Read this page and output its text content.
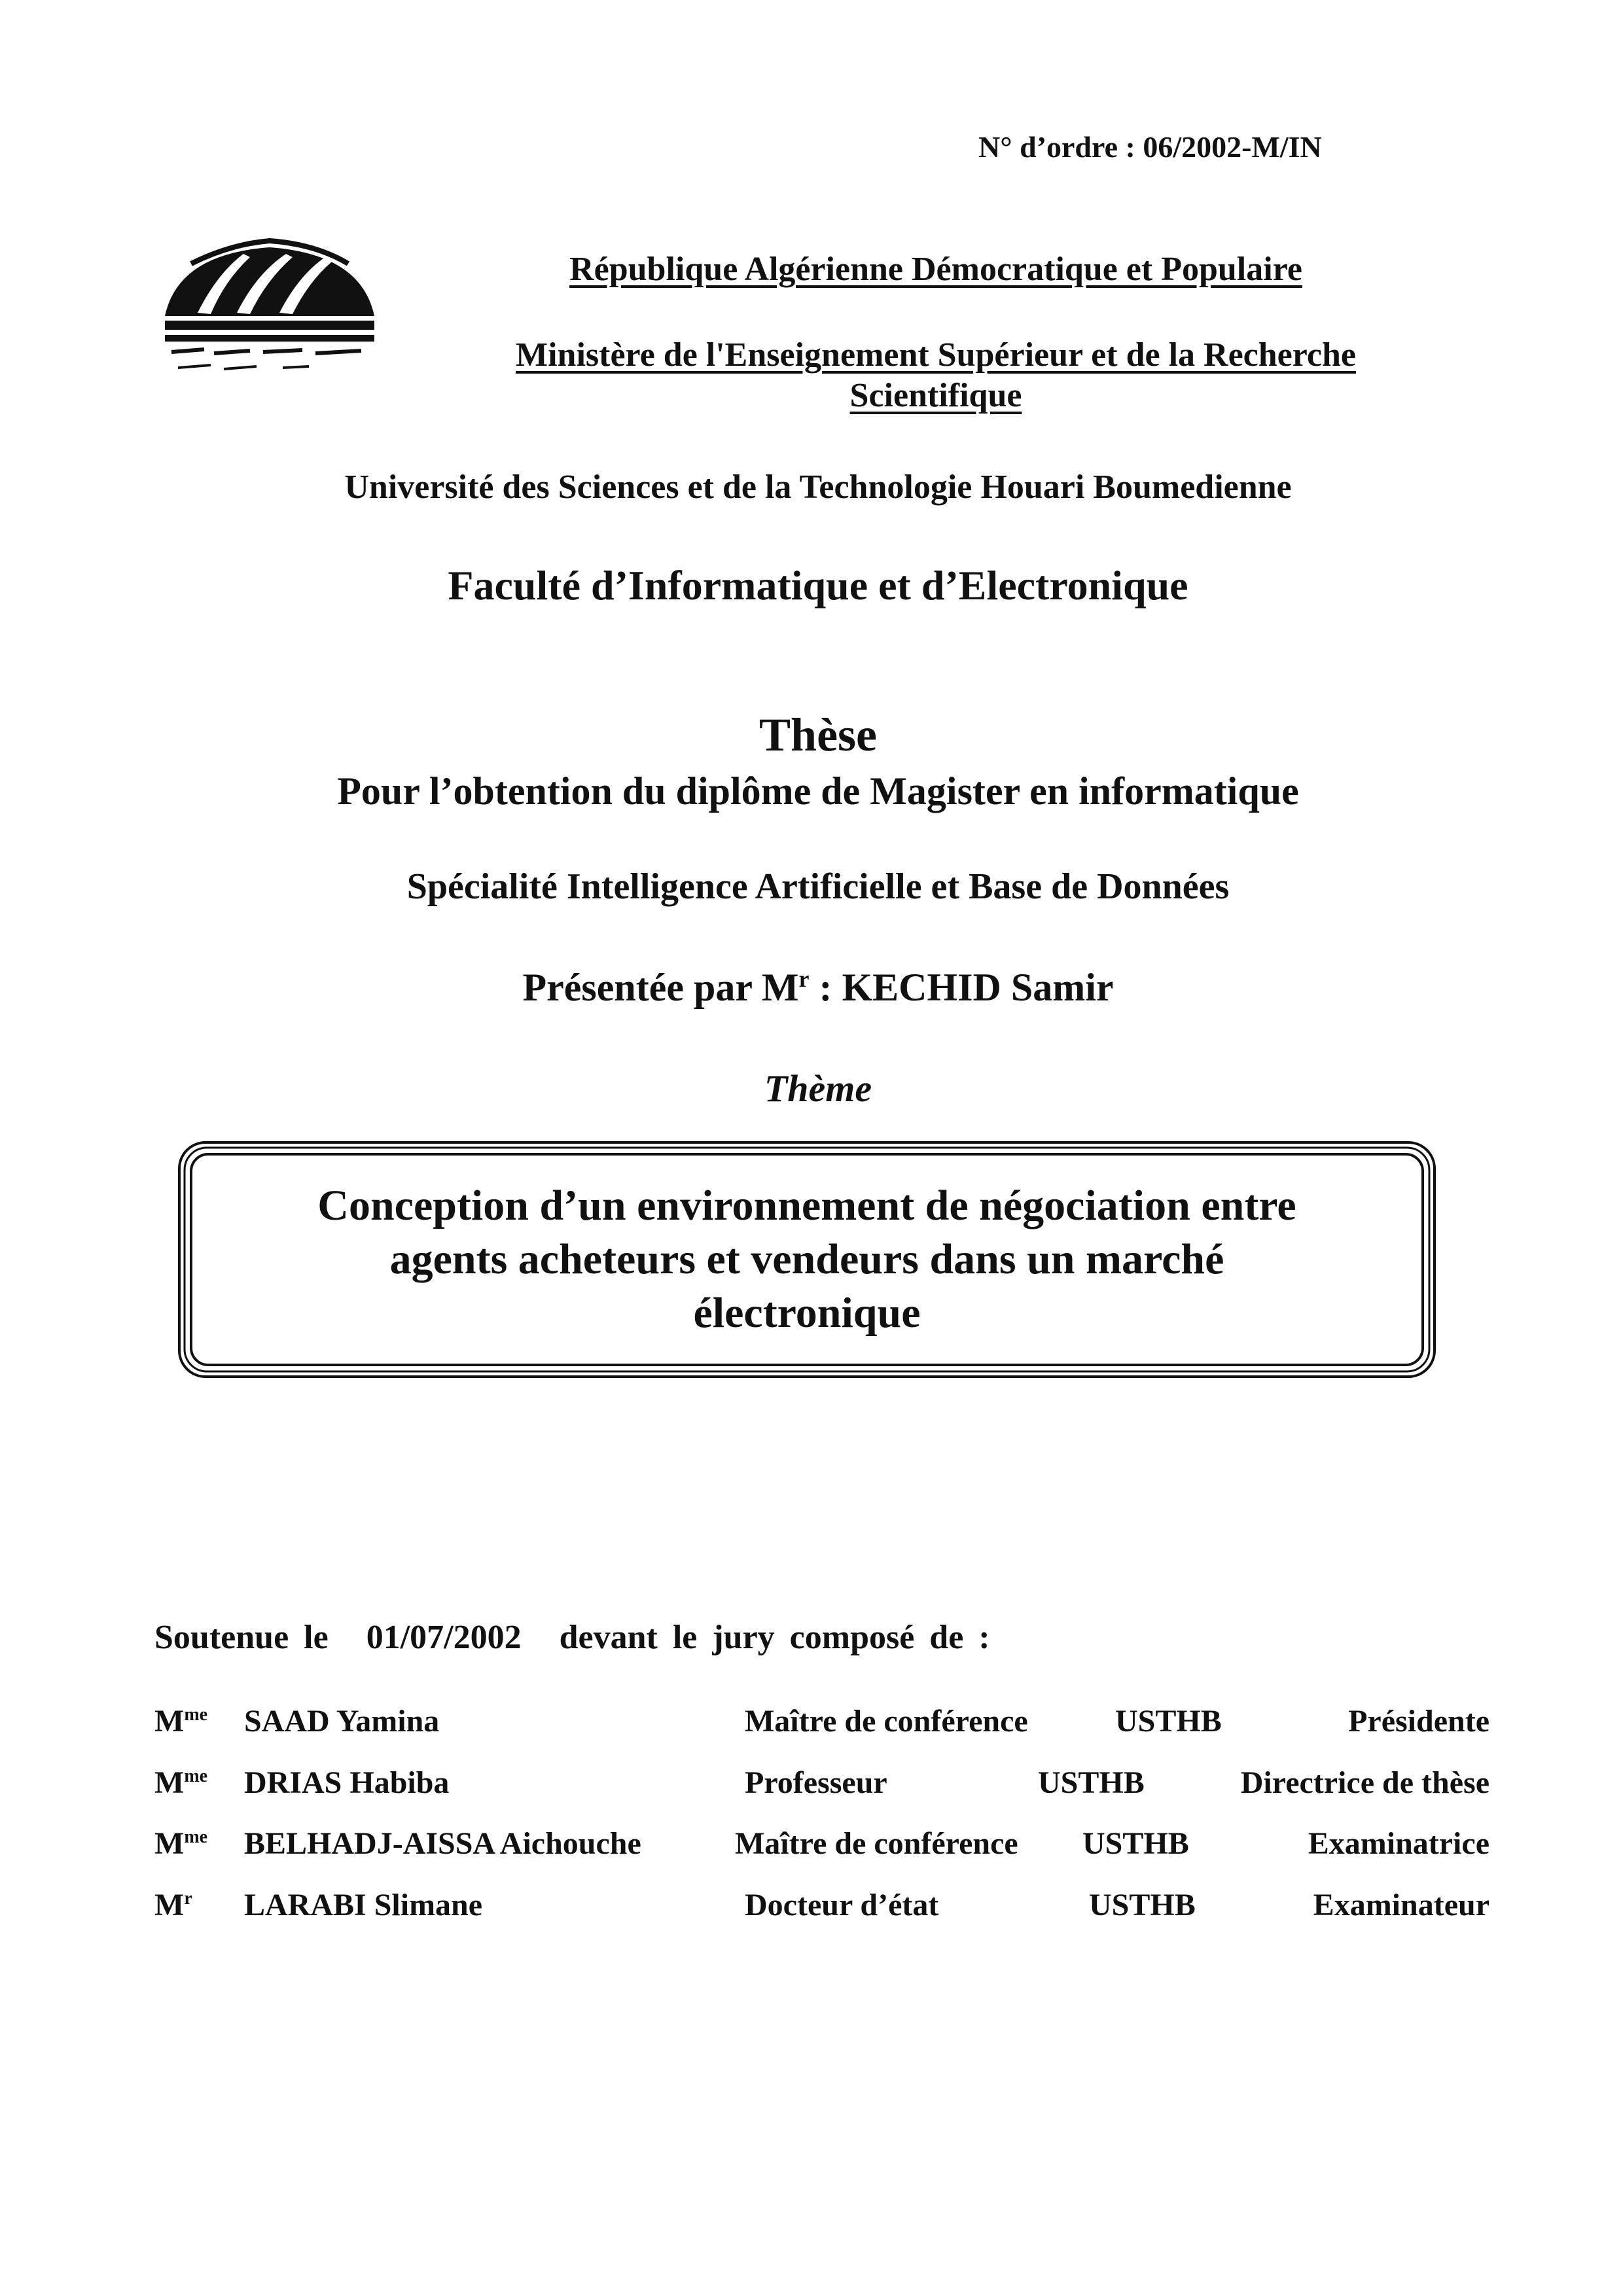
N° d’ordre : 06/2002-M/IN
République Algérienne Démocratique et Populaire
Ministère de l'Enseignement Supérieur et de la Recherche
Scientifique
Université des Sciences et de la Technologie Houari Boumedienne
Faculté d’Informatique et d’Electronique
Thèse
Pour l’obtention du diplôme de Magister en informatique
Spécialité Intelligence Artificielle et Base de Données
Présentée par $M^r$ : KECHID Samir
Thème
Conception d’un environnement de négociation entre
agents acheteurs et vendeurs dans un marché
électronique
Soutenue le 01/07/2002 devant le jury composé de :
$M^{me}$ SAAD Yamina	Maître de conférence	USTHB	Présidente
$M^{me}$ DRIAS Habiba	Professeur	USTHB	Directrice de thèse
$M^{me}$ BELHADJ-AISSA Aichouche	Maître de conférence USTHB	Examinatrice
$M^r$ LARABI Slimane	Docteur d’état	USTHB	Examinateur
